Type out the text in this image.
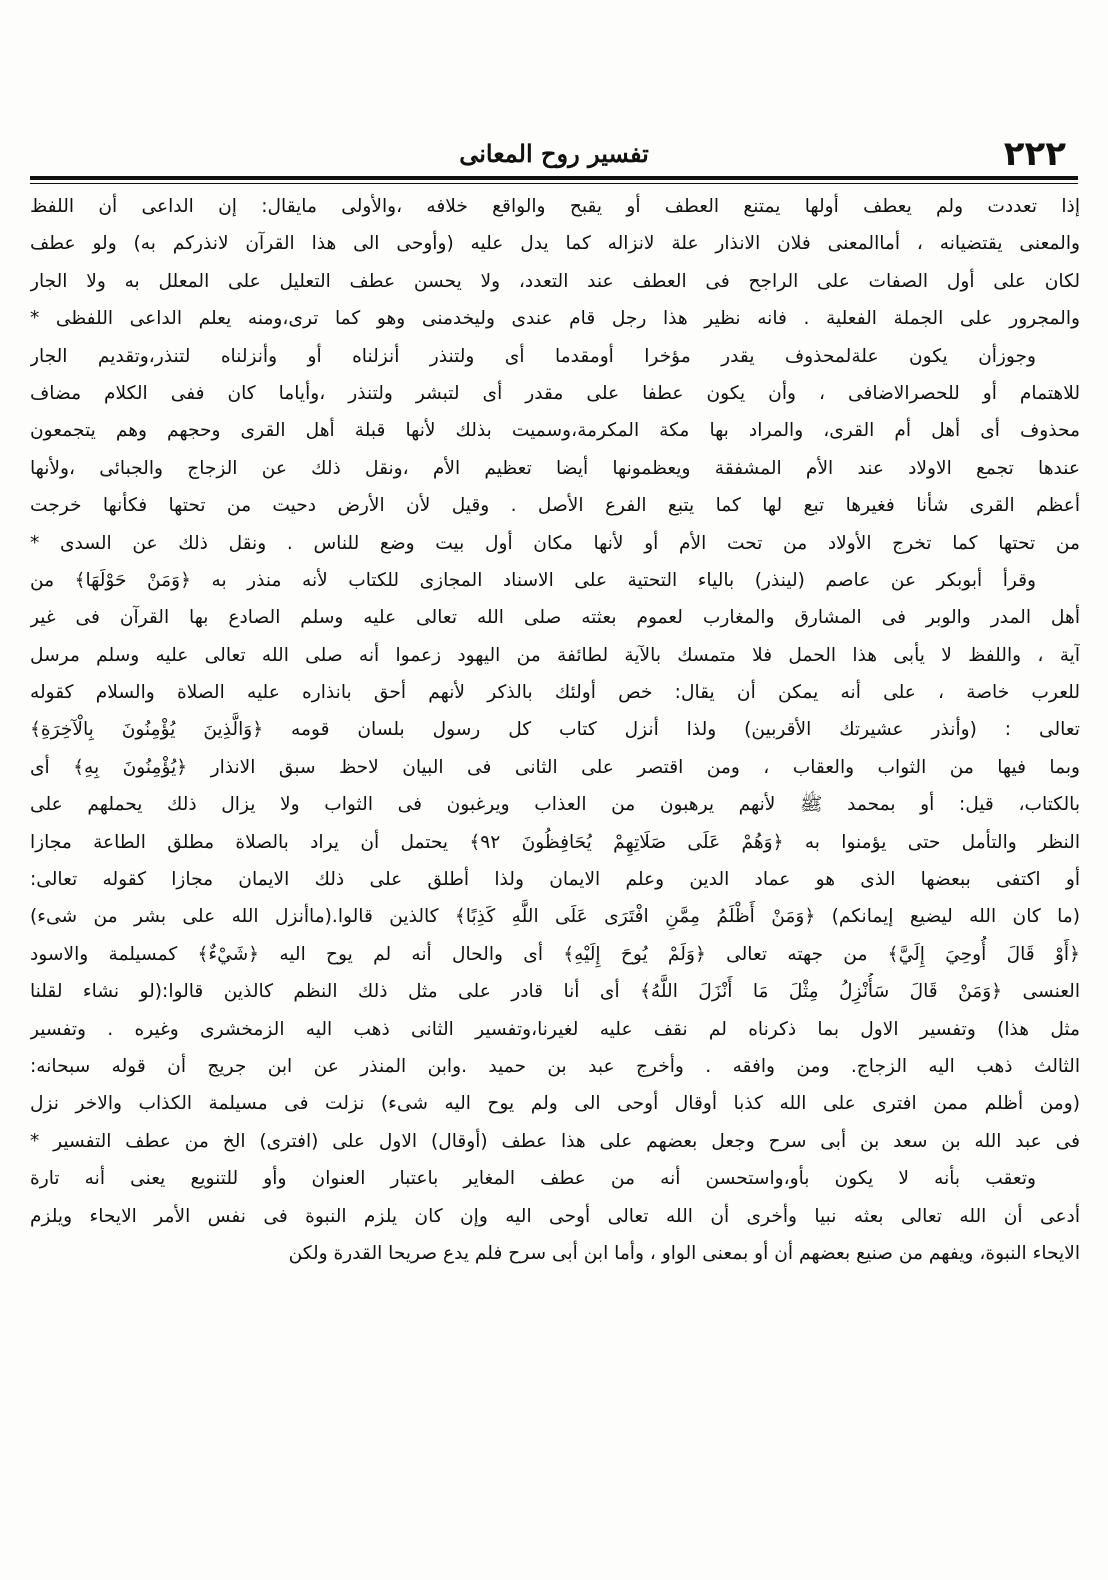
٢٢٢
تفسير روح المعانى
إذا تعددت ولم يعطف أولها يمتنع العطف أو يقبح والواقع خلافه ،والأولى مايقال: إن الداعى أن اللفظ
والمعنى يقتضيانه ، أماالمعنى فلان الانذار علة لانزاله كما يدل عليه (وأوحى الى هذا القرآن لانذركم به) ولو عطف
لكان على أول الصفات على الراجح فى العطف عند التعدد، ولا يحسن عطف التعليل على المعلل به ولا الجار
والمجرور على الجملة الفعلية . فانه نظير هذا رجل قام عندى وليخدمنى وهو كما ترى،ومنه يعلم الداعى اللفظى *
وجوزأن يكون علةلمحذوف يقدر مؤخرا أومقدما أى ولتنذر أنزلناه أو وأنزلناه لتنذر،وتقديم الجار
للاهتمام أو للحصرالاضافى ، وأن يكون عطفا على مقدر أى لتبشر ولتنذر ،وأياما كان ففى الكلام مضاف
محذوف أى أهل أم القرى، والمراد بها مكة المكرمة،وسميت بذلك لأنها قبلة أهل القرى وحجهم وهم يتجمعون
عندها تجمع الاولاد عند الأم المشفقة ويعظمونها أيضا تعظيم الأم ،ونقل ذلك عن الزجاج والجبائى ،ولأنها
أعظم القرى شأنا فغيرها تبع لها كما يتبع الفرع الأصل . وقيل لأن الأرض دحيت من تحتها فكأنها خرجت
من تحتها كما تخرج الأولاد من تحت الأم أو لأنها مكان أول بيت وضع للناس . ونقل ذلك عن السدى *
وقرأ أبوبكر عن عاصم (لينذر) بالياء التحتية على الاسناد المجازى للكتاب لأنه منذر به ﴿وَمَنْ حَوْلَهَا﴾ من
أهل المدر والوبر فى المشارق والمغارب لعموم بعثته صلى الله تعالى عليه وسلم الصادع بها القرآن فى غير
آية ، واللفظ لا يأبى هذا الحمل فلا متمسك بالآية لطائفة من اليهود زعموا أنه صلى الله تعالى عليه وسلم مرسل
للعرب خاصة ، على أنه يمكن أن يقال: خص أولئك بالذكر لأنهم أحق بانذاره عليه الصلاة والسلام كقوله
تعالى : (وأنذر عشيرتك الأقربين) ولذا أنزل كتاب كل رسول بلسان قومه ﴿وَالَّذِينَ يُؤْمِنُونَ بِالْآخِرَةِ﴾
وبما فيها من الثواب والعقاب ، ومن اقتصر على الثانى فى البيان لاحظ سبق الانذار ﴿يُؤْمِنُونَ بِهِ﴾ أى
بالكتاب، قيل: أو بمحمد ﷺ لأنهم يرهبون من العذاب ويرغبون فى الثواب ولا يزال ذلك يحملهم على
النظر والتأمل حتى يؤمنوا به ﴿وَهُمْ عَلَى صَلَاتِهِمْ يُحَافِظُونَ ٩٢﴾ يحتمل أن يراد بالصلاة مطلق الطاعة مجازا
أو اكتفى ببعضها الذى هو عماد الدين وعلم الايمان ولذا أطلق على ذلك الايمان مجازا كقوله تعالى:
(ما كان الله ليضيع إيمانكم) ﴿وَمَنْ أَظْلَمُ مِمَّنِ افْتَرَى عَلَى اللَّهِ كَذِبًا﴾ كالذين قالوا.(ماأنزل الله على بشر من شىء)
﴿أَوْ قَالَ أُوحِيَ إِلَيَّ﴾ من جهته تعالى ﴿وَلَمْ يُوحَ إِلَيْهِ﴾ أى والحال أنه لم يوح اليه ﴿شَيْءٌ﴾ كمسيلمة والاسود
العنسى ﴿وَمَنْ قَالَ سَأُنْزِلُ مِثْلَ مَا أَنْزَلَ اللَّهُ﴾ أى أنا قادر على مثل ذلك النظم كالذين قالوا:(لو نشاء لقلنا
مثل هذا) وتفسير الاول بما ذكرناه لم نقف عليه لغيرنا،وتفسير الثانى ذهب اليه الزمخشرى وغيره . وتفسير
الثالث ذهب اليه الزجاج. ومن وافقه . وأخرج عبد بن حميد .وابن المنذر عن ابن جريج أن قوله سبحانه:
(ومن أظلم ممن افترى على الله كذبا أوقال أوحى الى ولم يوح اليه شىء) نزلت فى مسيلمة الكذاب والاخر نزل
فى عبد الله بن سعد بن أبى سرح وجعل بعضهم على هذا عطف (أوقال) الاول على (افترى) الخ من عطف التفسير *
وتعقب بأنه لا يكون بأو،واستحسن أنه من عطف المغاير باعتبار العنوان وأو للتنويع يعنى أنه تارة
أدعى أن الله تعالى بعثه نبيا وأخرى أن الله تعالى أوحى اليه وإن كان يلزم النبوة فى نفس الأمر الايحاء ويلزم
الايحاء النبوة، ويفهم من صنيع بعضهم أن أو بمعنى الواو ، وأما ابن أبى سرح فلم يدع صريحا القدرة ولكن
